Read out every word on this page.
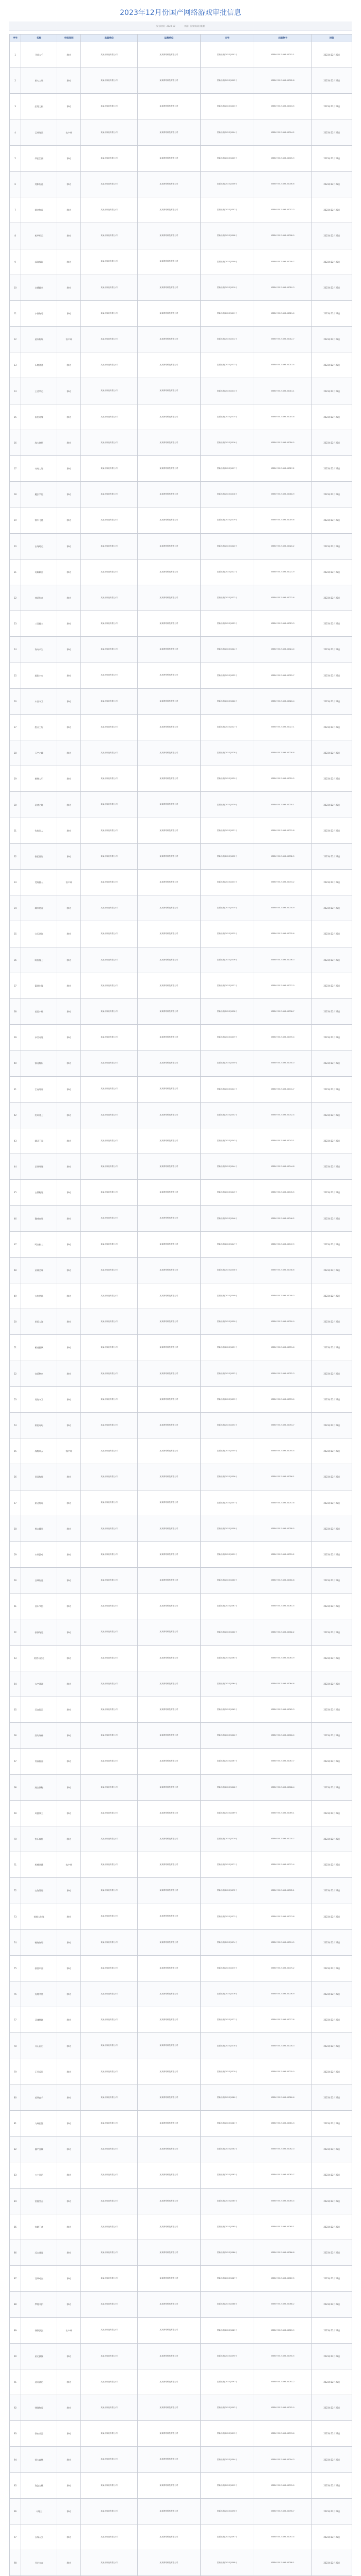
2023年12月份国产网络游戏审批信息
发布时间：2023-12	来源：国家新闻出版署
序号	名称	申报类别	出版单位	运营单位	文号	出版物号	时间
1	寻道大千	移动	某某出版社有限公司	某某网络科技有限公司	国新出审[2023]1001号	ISBN 978-7-498-00001-1	2023年12月22日
2	星火之歌	移动	某某出版社有限公司	某某网络科技有限公司	国新出审[2023]1002号	ISBN 978-7-498-00002-8	2023年12月22日
3	幻境之旅	移动	某某出版社有限公司	某某网络科技有限公司	国新出审[2023]1003号	ISBN 978-7-498-00003-5	2023年12月22日
4	云端战记	客户端	某某出版社有限公司	某某网络科技有限公司	国新出审[2023]1004号	ISBN 978-7-498-00004-2	2023年12月22日
5	梦幻江湖	移动	某某出版社有限公司	某某网络科技有限公司	国新出审[2023]1005号	ISBN 978-7-498-00005-9	2023年12月22日
6	剑影传说	移动	某某出版社有限公司	某某网络科技有限公司	国新出审[2023]1006号	ISBN 978-7-498-00006-6	2023年12月22日
7	萌宠物语	移动	某某出版社有限公司	某某网络科技有限公司	国新出审[2023]1007号	ISBN 978-7-498-00007-3	2023年12月22日
8	机甲纪元	移动	某某出版社有限公司	某某网络科技有限公司	国新出审[2023]1008号	ISBN 978-7-498-00008-0	2023年12月22日
9	深海探险	移动	某某出版社有限公司	某某网络科技有限公司	国新出审[2023]1009号	ISBN 978-7-498-00009-7	2023年12月22日
10	龙城霸业	移动	某某出版社有限公司	某某网络科技有限公司	国新出审[2023]1010号	ISBN 978-7-498-00010-3	2023年12月22日
11	小镇物语	移动	某某出版社有限公司	某某网络科技有限公司	国新出审[2023]1011号	ISBN 978-7-498-00011-0	2023年12月22日
12	星际航线	客户端	某某出版社有限公司	某某网络科技有限公司	国新出审[2023]1012号	ISBN 978-7-498-00012-7	2023年12月22日
13	乐趣消消	移动	某某出版社有限公司	某某网络科技有限公司	国新出审[2023]1013号	ISBN 978-7-498-00013-4	2023年12月22日
14	王者荣光	移动	某某出版社有限公司	某某网络科技有限公司	国新出审[2023]1014号	ISBN 978-7-498-00014-1	2023年12月22日
15	仙侠奇缘	移动	某某出版社有限公司	某某网络科技有限公司	国新出审[2023]1015号	ISBN 978-7-498-00015-8	2023年12月22日
16	战火燎原	移动	某某出版社有限公司	某某网络科技有限公司	国新出审[2023]1016号	ISBN 978-7-498-00016-5	2023年12月22日
17	奇迹大陆	移动	某某出版社有限公司	某某网络科技有限公司	国新出审[2023]1017号	ISBN 978-7-498-00017-2	2023年12月22日
18	魔法学院	移动	某某出版社有限公司	某某网络科技有限公司	国新出审[2023]1018号	ISBN 978-7-498-00018-9	2023年12月22日
19	赛车飞驰	移动	某某出版社有限公司	某某网络科技有限公司	国新出审[2023]1019号	ISBN 978-7-498-00019-6	2023年12月22日
20	农场时光	移动	某某出版社有限公司	某某网络科技有限公司	国新出审[2023]1020号	ISBN 978-7-498-00020-2	2023年12月22日
21	英雄联合	移动	某某出版社有限公司	某某网络科技有限公司	国新出审[2023]1021号	ISBN 978-7-498-00021-9	2023年12月22日
22	神话传奇	移动	某某出版社有限公司	某某网络科技有限公司	国新出审[2023]1022号	ISBN 978-7-498-00022-6	2023年12月22日
23	三国霸主	移动	某某出版社有限公司	某某网络科技有限公司	国新出审[2023]1023号	ISBN 978-7-498-00023-3	2023年12月22日
24	海岛求生	移动	某某出版社有限公司	某某网络科技有限公司	国新出审[2023]1024号	ISBN 978-7-498-00024-0	2023年12月22日
25	超能少女	移动	某某出版社有限公司	某某网络科技有限公司	国新出审[2023]1025号	ISBN 978-7-498-00025-7	2023年12月22日
26	末日守卫	移动	某某出版社有限公司	某某网络科技有限公司	国新出审[2023]1026号	ISBN 978-7-498-00026-4	2023年12月22日
27	甜点工坊	移动	某某出版社有限公司	某某网络科技有限公司	国新出审[2023]1027号	ISBN 978-7-498-00027-1	2023年12月22日
28	天空之城	移动	某某出版社有限公司	某某网络科技有限公司	国新出审[2023]1028号	ISBN 978-7-498-00028-8	2023年12月22日
29	棋牌大厅	移动	某某出版社有限公司	某某网络科技有限公司	国新出审[2023]1029号	ISBN 978-7-498-00029-5	2023年12月22日
30	忍者之路	移动	某某出版社有限公司	某某网络科技有限公司	国新出审[2023]1030号	ISBN 978-7-498-00030-1	2023年12月22日
31	钓鱼达人	移动	某某出版社有限公司	某某网络科技有限公司	国新出审[2023]1031号	ISBN 978-7-498-00031-8	2023年12月22日
32	像素冒险	移动	某某出版社有限公司	某某网络科技有限公司	国新出审[2023]1032号	ISBN 978-7-498-00032-5	2023年12月22日
33	荒野猎人	客户端	某某出版社有限公司	某某网络科技有限公司	国新出审[2023]1033号	ISBN 978-7-498-00033-2	2023年12月22日
34	城市建造	移动	某某出版社有限公司	某某网络科技有限公司	国新出审[2023]1034号	ISBN 978-7-498-00034-9	2023年12月22日
35	宝石迷阵	移动	某某出版社有限公司	某某网络科技有限公司	国新出审[2023]1035号	ISBN 978-7-498-00035-6	2023年12月22日
36	暗夜骑士	移动	某某出版社有限公司	某某网络科技有限公司	国新出审[2023]1036号	ISBN 978-7-498-00036-3	2023年12月22日
37	篮球先锋	移动	某某出版社有限公司	某某网络科技有限公司	国新出审[2023]1037号	ISBN 978-7-498-00037-0	2023年12月22日
38	花园小屋	移动	某某出版社有限公司	某某网络科技有限公司	国新出审[2023]1038号	ISBN 978-7-498-00038-7	2023年12月22日
39	冰雪奇境	移动	某某出版社有限公司	某某网络科技有限公司	国新出审[2023]1039号	ISBN 978-7-498-00039-4	2023年12月22日
40	银河舰队	移动	某某出版社有限公司	某某网络科技有限公司	国新出审[2023]1040号	ISBN 978-7-498-00040-0	2023年12月22日
41	江南烟雨	移动	某某出版社有限公司	某某网络科技有限公司	国新出审[2023]1041号	ISBN 978-7-498-00041-7	2023年12月22日
42	疾风勇士	移动	某某出版社有限公司	某某网络科技有限公司	国新出审[2023]1042号	ISBN 978-7-498-00042-4	2023年12月22日
43	精灵王国	移动	某某出版社有限公司	某某网络科技有限公司	国新出审[2023]1043号	ISBN 978-7-498-00043-1	2023年12月22日
44	足球经理	移动	某某出版社有限公司	某某网络科技有限公司	国新出审[2023]1044号	ISBN 978-7-498-00044-8	2023年12月22日
45	古墓秘境	移动	某某出版社有限公司	某某网络科技有限公司	国新出审[2023]1045号	ISBN 978-7-498-00045-5	2023年12月22日
46	猫咪咖啡	移动	某某出版社有限公司	某某网络科技有限公司	国新出审[2023]1046号	ISBN 978-7-498-00046-2	2023年12月22日
47	时空旅人	移动	某某出版社有限公司	某某网络科技有限公司	国新出审[2023]1047号	ISBN 978-7-498-00047-9	2023年12月22日
48	武林至尊	移动	某某出版社有限公司	某某网络科技有限公司	国新出审[2023]1048号	ISBN 978-7-498-00048-6	2023年12月22日
49	方块世界	移动	某某出版社有限公司	某某网络科技有限公司	国新出审[2023]1049号	ISBN 978-7-498-00049-3	2023年12月22日
50	星辰大海	移动	某某出版社有限公司	某某网络科技有限公司	国新出审[2023]1050号	ISBN 978-7-498-00050-9	2023年12月22日
51	极速狂飙	移动	某某出版社有限公司	某某网络科技有限公司	国新出审[2023]1051号	ISBN 978-7-498-00051-6	2023年12月22日
52	宫廷秘史	移动	某某出版社有限公司	某某网络科技有限公司	国新出审[2023]1052号	ISBN 978-7-498-00052-3	2023年12月22日
53	塔防守卫	移动	某某出版社有限公司	某某网络科技有限公司	国新出审[2023]1053号	ISBN 978-7-498-00053-0	2023年12月22日
54	彩虹岛屿	移动	某某出版社有限公司	某某网络科技有限公司	国新出审[2023]1054号	ISBN 978-7-498-00054-7	2023年12月22日
55	战舰风云	客户端	某某出版社有限公司	某某网络科技有限公司	国新出审[2023]1055号	ISBN 978-7-498-00055-4	2023年12月22日
56	田园牧歌	移动	某某出版社有限公司	某某网络科技有限公司	国新出审[2023]1056号	ISBN 978-7-498-00056-1	2023年12月22日
57	妖灵物语	移动	某某出版社有限公司	某某网络科技有限公司	国新出审[2023]1057号	ISBN 978-7-498-00057-8	2023年12月22日
58	射击精英	移动	某某出版社有限公司	某某网络科技有限公司	国新出审[2023]1058号	ISBN 978-7-498-00058-5	2023年12月22日
59	水果派对	移动	某某出版社有限公司	某某网络科技有限公司	国新出审[2023]1059号	ISBN 978-7-498-00059-2	2023年12月22日
60	圣域传说	移动	某某出版社有限公司	某某网络科技有限公司	国新出审[2023]1060号	ISBN 978-7-498-00060-8	2023年12月22日
61	音乐节拍	移动	某某出版社有限公司	某某网络科技有限公司	国新出审[2023]1061号	ISBN 978-7-498-00061-5	2023年12月22日
62	侦探笔记	移动	某某出版社有限公司	某某网络科技有限公司	国新出审[2023]1062号	ISBN 978-7-498-00062-2	2023年12月22日
63	勇者斗恶龙	移动	某某出版社有限公司	某某网络科技有限公司	国新出审[2023]1063号	ISBN 978-7-498-00063-9	2023年12月22日
64	太空漫游	移动	某某出版社有限公司	某某网络科技有限公司	国新出审[2023]1064号	ISBN 978-7-498-00064-6	2023年12月22日
65	美食街区	移动	某某出版社有限公司	某某网络科技有限公司	国新出审[2023]1065号	ISBN 978-7-498-00065-3	2023年12月22日
66	烈焰战神	移动	某某出版社有限公司	某某网络科技有限公司	国新出审[2023]1066号	ISBN 978-7-498-00066-0	2023年12月22日
67	青春校园	移动	某某出版社有限公司	某某网络科技有限公司	国新出审[2023]1067号	ISBN 978-7-498-00067-7	2023年12月22日
68	迷宫探秘	移动	某某出版社有限公司	某某网络科技有限公司	国新出审[2023]1068号	ISBN 978-7-498-00068-4	2023年12月22日
69	风暴领主	移动	某某出版社有限公司	某某网络科技有限公司	国新出审[2023]1069号	ISBN 978-7-498-00069-1	2023年12月22日
70	快乐麻将	移动	某某出版社有限公司	某某网络科技有限公司	国新出审[2023]1070号	ISBN 978-7-498-00070-7	2023年12月22日
71	机械迷城	客户端	某某出版社有限公司	某某网络科技有限公司	国新出审[2023]1071号	ISBN 978-7-498-00071-4	2023年12月22日
72	山海异闻	移动	某某出版社有限公司	某某网络科技有限公司	国新出审[2023]1072号	ISBN 978-7-498-00072-1	2023年12月22日
73	萌萌大作战	移动	某某出版社有限公司	某某网络科技有限公司	国新出审[2023]1073号	ISBN 978-7-498-00073-8	2023年12月22日
74	破晓黎明	移动	某某出版社有限公司	某某网络科技有限公司	国新出审[2023]1074号	ISBN 978-7-498-00074-5	2023年12月22日
75	拼图乐园	移动	某某出版社有限公司	某某网络科技有限公司	国新出审[2023]1075号	ISBN 978-7-498-00075-2	2023年12月22日
76	边境守望	移动	某某出版社有限公司	某某网络科技有限公司	国新出审[2023]1076号	ISBN 978-7-498-00076-9	2023年12月22日
77	灵魂摆渡	移动	某某出版社有限公司	某某网络科技有限公司	国新出审[2023]1077号	ISBN 978-7-498-00077-6	2023年12月22日
78	开心农庄	移动	某某出版社有限公司	某某网络科技有限公司	国新出审[2023]1078号	ISBN 978-7-498-00078-3	2023年12月22日
79	无尽远征	移动	某某出版社有限公司	某某网络科技有限公司	国新出审[2023]1079号	ISBN 978-7-498-00079-0	2023年12月22日
80	桌球高手	移动	某某出版社有限公司	某某网络科技有限公司	国新出审[2023]1080号	ISBN 978-7-498-00080-6	2023年12月22日
81	九州幻想	移动	某某出版社有限公司	某某网络科技有限公司	国新出审[2023]1081号	ISBN 978-7-498-00081-3	2023年12月22日
82	僵尸围城	移动	某某出版社有限公司	某某网络科技有限公司	国新出审[2023]1082号	ISBN 978-7-498-00082-0	2023年12月22日
83	公主日记	移动	某某出版社有限公司	某某网络科技有限公司	国新出审[2023]1083号	ISBN 978-7-498-00083-7	2023年12月22日
84	雷霆突击	移动	某某出版社有限公司	某某网络科技有限公司	国新出审[2023]1084号	ISBN 978-7-498-00084-4	2023年12月22日
85	答题王者	移动	某某出版社有限公司	某某网络科技有限公司	国新出审[2023]1085号	ISBN 978-7-498-00085-1	2023年12月22日
86	远古部落	移动	某某出版社有限公司	某某网络科技有限公司	国新出审[2023]1086号	ISBN 978-7-498-00086-8	2023年12月22日
87	羽球对决	移动	某某出版社有限公司	某某网络科技有限公司	国新出审[2023]1087号	ISBN 978-7-498-00087-5	2023年12月22日
88	梦境守护	移动	某某出版社有限公司	某某网络科技有限公司	国新出审[2023]1088号	ISBN 978-7-498-00088-2	2023年12月22日
89	钢铁洪流	客户端	某某出版社有限公司	某某网络科技有限公司	国新出审[2023]1089号	ISBN 978-7-498-00089-9	2023年12月22日
90	星光偶像	移动	某某出版社有限公司	某某网络科技有限公司	国新出审[2023]1090号	ISBN 978-7-498-00090-5	2023年12月22日
91	逍遥游记	移动	某某出版社有限公司	某某网络科技有限公司	国新出审[2023]1091号	ISBN 978-7-498-00091-2	2023年12月22日
92	弹珠物语	移动	某某出版社有限公司	某某网络科技有限公司	国新出审[2023]1092号	ISBN 978-7-498-00092-9	2023年12月22日
93	铁血兵团	移动	某某出版社有限公司	某某网络科技有限公司	国新出审[2023]1093号	ISBN 978-7-498-00093-6	2023年12月22日
94	萤火森林	移动	某某出版社有限公司	某某网络科技有限公司	国新出审[2023]1094号	ISBN 978-7-498-00094-3	2023年12月22日
95	海盗宝藏	移动	某某出版社有限公司	某某网络科技有限公司	国新出审[2023]1095号	ISBN 978-7-498-00095-0	2023年12月22日
96	斗地主	移动	某某出版社有限公司	某某网络科技有限公司	国新出审[2023]1096号	ISBN 978-7-498-00096-7	2023年12月22日
97	百战天虫	移动	某某出版社有限公司	某某网络科技有限公司	国新出审[2023]1097号	ISBN 978-7-498-00097-4	2023年12月22日
98	月光宝盒	移动	某某出版社有限公司	某某网络科技有限公司	国新出审[2023]1098号	ISBN 978-7-498-00098-1	2023年12月22日
